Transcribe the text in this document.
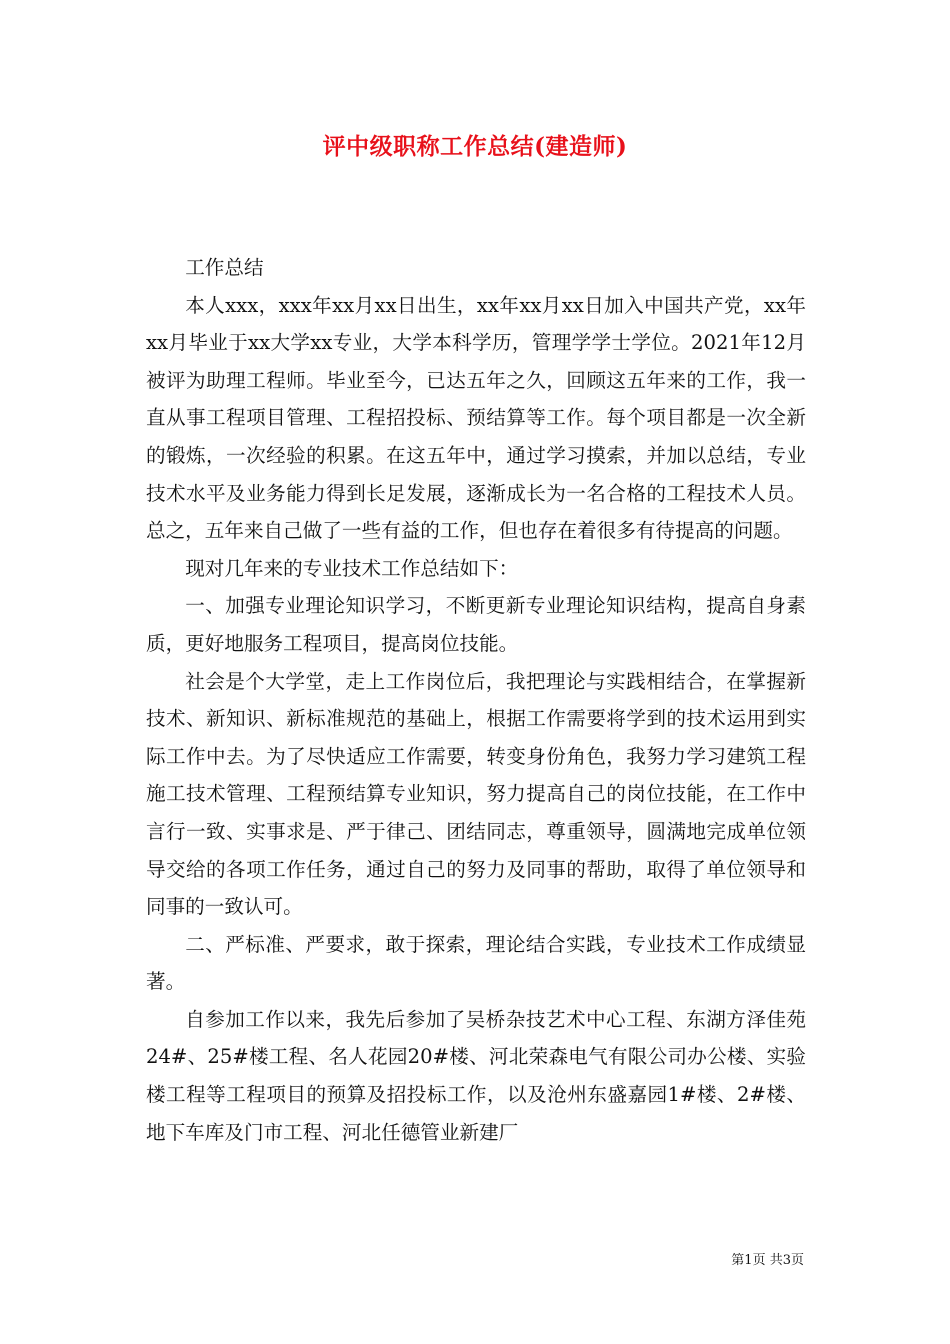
评中级职称工作总结(建造师)

工作总结

本人xxx，xxx年xx月xx日出生，xx年xx月xx日加入中国共产党，xx年xx月毕业于xx大学xx专业，大学本科学历，管理学学士学位。2021年12月被评为助理工程师。毕业至今，已达五年之久，回顾这五年来的工作，我一直从事工程项目管理、工程招投标、预结算等工作。每个项目都是一次全新的锻炼，一次经验的积累。在这五年中，通过学习摸索，并加以总结，专业技术水平及业务能力得到长足发展，逐渐成长为一名合格的工程技术人员。总之，五年来自己做了一些有益的工作，但也存在着很多有待提高的问题。

现对几年来的专业技术工作总结如下：

一、加强专业理论知识学习，不断更新专业理论知识结构，提高自身素质，更好地服务工程项目，提高岗位技能。

社会是个大学堂，走上工作岗位后，我把理论与实践相结合，在掌握新技术、新知识、新标准规范的基础上，根据工作需要将学到的技术运用到实际工作中去。为了尽快适应工作需要，转变身份角色，我努力学习建筑工程施工技术管理、工程预结算专业知识，努力提高自己的岗位技能，在工作中言行一致、实事求是、严于律己、团结同志，尊重领导，圆满地完成单位领导交给的各项工作任务，通过自己的努力及同事的帮助，取得了单位领导和同事的一致认可。

二、严标准、严要求，敢于探索，理论结合实践，专业技术工作成绩显著。

自参加工作以来，我先后参加了吴桥杂技艺术中心工程、东湖方泽佳苑24#、25#楼工程、名人花园20#楼、河北荣森电气有限公司办公楼、实验楼工程等工程项目的预算及招投标工作，以及沧州东盛嘉园1#楼、2#楼、地下车库及门市工程、河北任德管业新建厂

第1页 共3页
